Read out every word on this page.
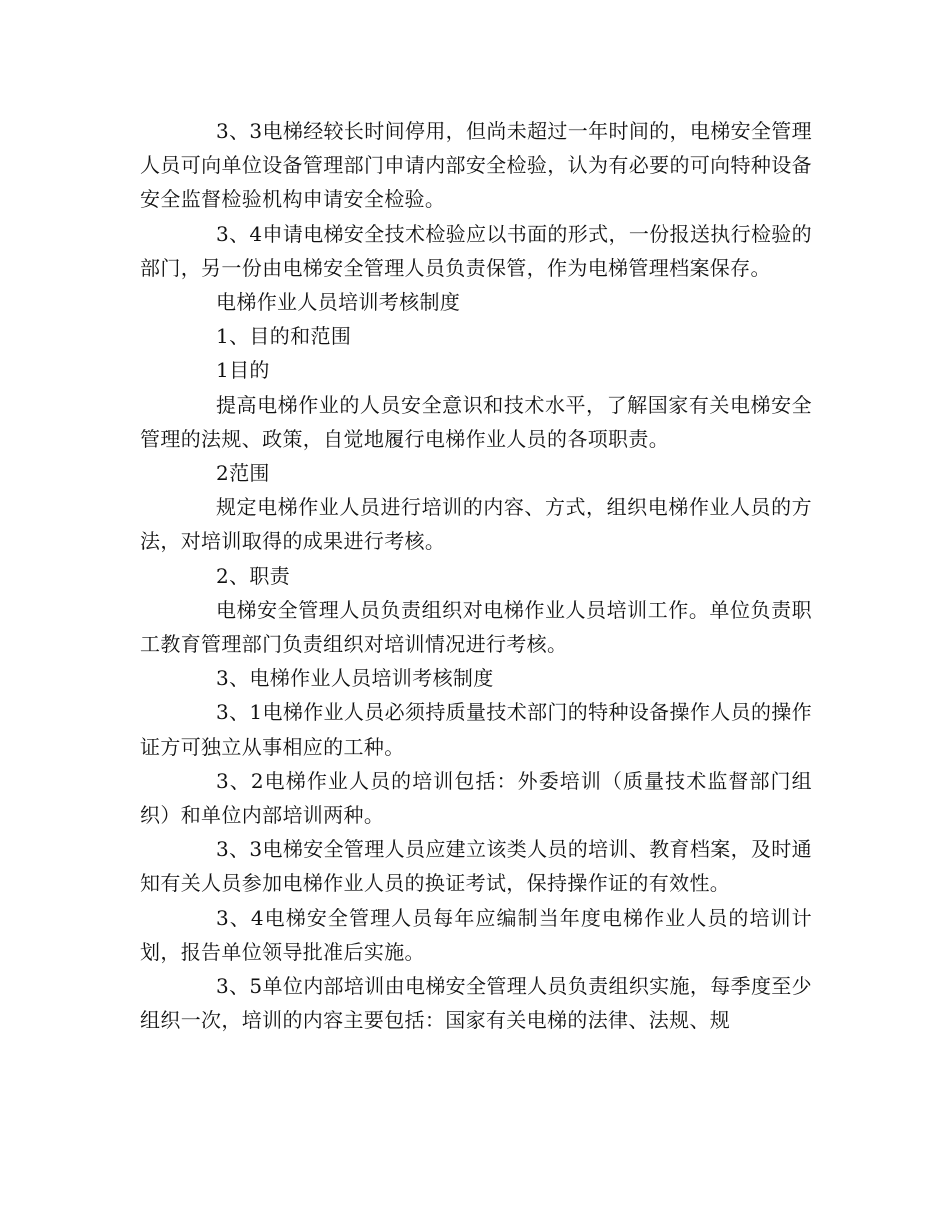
3、3电梯经较长时间停用，但尚未超过一年时间的，电梯安全管理人员可向单位设备管理部门申请内部安全检验，认为有必要的可向特种设备安全监督检验机构申请安全检验。

3、4申请电梯安全技术检验应以书面的形式，一份报送执行检验的部门，另一份由电梯安全管理人员负责保管，作为电梯管理档案保存。

电梯作业人员培训考核制度

1、目的和范围

1目的

提高电梯作业的人员安全意识和技术水平，了解国家有关电梯安全管理的法规、政策，自觉地履行电梯作业人员的各项职责。

2范围

规定电梯作业人员进行培训的内容、方式，组织电梯作业人员的方法，对培训取得的成果进行考核。

2、职责

电梯安全管理人员负责组织对电梯作业人员培训工作。单位负责职工教育管理部门负责组织对培训情况进行考核。

3、电梯作业人员培训考核制度

3、1电梯作业人员必须持质量技术部门的特种设备操作人员的操作证方可独立从事相应的工种。

3、2电梯作业人员的培训包括：外委培训（质量技术监督部门组织）和单位内部培训两种。

3、3电梯安全管理人员应建立该类人员的培训、教育档案，及时通知有关人员参加电梯作业人员的换证考试，保持操作证的有效性。

3、4电梯安全管理人员每年应编制当年度电梯作业人员的培训计划，报告单位领导批准后实施。

3、5单位内部培训由电梯安全管理人员负责组织实施，每季度至少组织一次，培训的内容主要包括：国家有关电梯的法律、法规、规
